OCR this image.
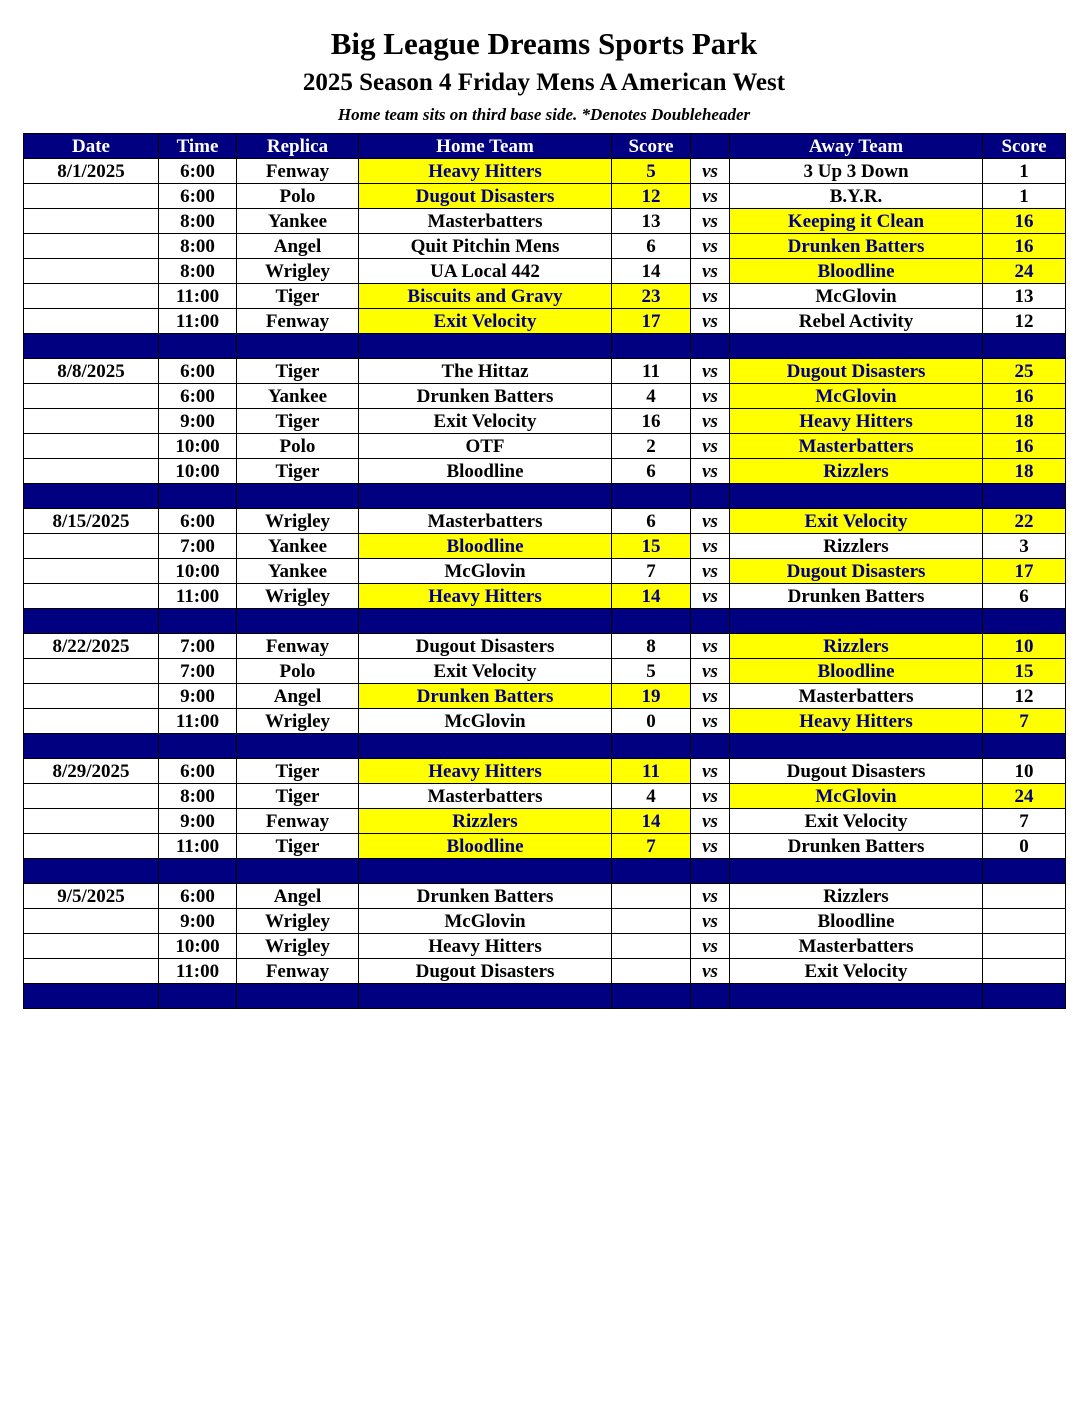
Big League Dreams Sports Park
2025 Season 4 Friday Mens A American West
Home team sits on third base side. *Denotes Doubleheader
Date	Time	Replica	Home Team	Score		Away Team	Score
8/1/2025	6:00	Fenway	Heavy Hitters	5	vs	3 Up 3 Down	1
	6:00	Polo	Dugout Disasters	12	vs	B.Y.R.	1
	8:00	Yankee	Masterbatters	13	vs	Keeping it Clean	16
	8:00	Angel	Quit Pitchin Mens	6	vs	Drunken Batters	16
	8:00	Wrigley	UA Local 442	14	vs	Bloodline	24
	11:00	Tiger	Biscuits and Gravy	23	vs	McGlovin	13
	11:00	Fenway	Exit Velocity	17	vs	Rebel Activity	12

8/8/2025	6:00	Tiger	The Hittaz	11	vs	Dugout Disasters	25
	6:00	Yankee	Drunken Batters	4	vs	McGlovin	16
	9:00	Tiger	Exit Velocity	16	vs	Heavy Hitters	18
	10:00	Polo	OTF	2	vs	Masterbatters	16
	10:00	Tiger	Bloodline	6	vs	Rizzlers	18

8/15/2025	6:00	Wrigley	Masterbatters	6	vs	Exit Velocity	22
	7:00	Yankee	Bloodline	15	vs	Rizzlers	3
	10:00	Yankee	McGlovin	7	vs	Dugout Disasters	17
	11:00	Wrigley	Heavy Hitters	14	vs	Drunken Batters	6

8/22/2025	7:00	Fenway	Dugout Disasters	8	vs	Rizzlers	10
	7:00	Polo	Exit Velocity	5	vs	Bloodline	15
	9:00	Angel	Drunken Batters	19	vs	Masterbatters	12
	11:00	Wrigley	McGlovin	0	vs	Heavy Hitters	7

8/29/2025	6:00	Tiger	Heavy Hitters	11	vs	Dugout Disasters	10
	8:00	Tiger	Masterbatters	4	vs	McGlovin	24
	9:00	Fenway	Rizzlers	14	vs	Exit Velocity	7
	11:00	Tiger	Bloodline	7	vs	Drunken Batters	0

9/5/2025	6:00	Angel	Drunken Batters		vs	Rizzlers	
	9:00	Wrigley	McGlovin		vs	Bloodline	
	10:00	Wrigley	Heavy Hitters		vs	Masterbatters	
	11:00	Fenway	Dugout Disasters		vs	Exit Velocity	
